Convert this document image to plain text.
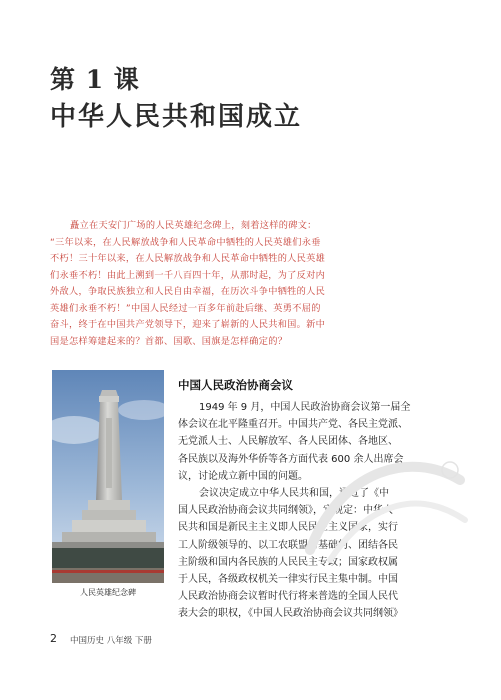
第 1 课
中华人民共和国成立
矗立在天安门广场的人民英雄纪念碑上，刻着这样的碑文：
“三年以来，在人民解放战争和人民革命中牺牲的人民英雄们永垂
不朽！三十年以来，在人民解放战争和人民革命中牺牲的人民英雄
们永垂不朽！由此上溯到一千八百四十年，从那时起，为了反对内
外敌人，争取民族独立和人民自由幸福，在历次斗争中牺牲的人民
英雄们永垂不朽！”中国人民经过一百多年前赴后继、英勇不屈的
奋斗，终于在中国共产党领导下，迎来了崭新的人民共和国。新中
国是怎样筹建起来的？首都、国歌、国旗是怎样确定的？
人民英雄纪念碑
中国人民政治协商会议
1949 年 9 月，中国人民政治协商会议第一届全
体会议在北平隆重召开。中国共产党、各民主党派、
无党派人士、人民解放军、各人民团体、各地区、
各民族以及海外华侨等各方面代表 600 余人出席会
议，讨论成立新中国的问题。
会议决定成立中华人民共和国，通过了《中
国人民政治协商会议共同纲领》，它规定：中华人
民共和国是新民主主义即人民民主主义国家，实行
工人阶级领导的、以工农联盟为基础的、团结各民
主阶级和国内各民族的人民民主专政；国家政权属
于人民，各级政权机关一律实行民主集中制。中国
人民政治协商会议暂时代行将来普选的全国人民代
表大会的职权，《中国人民政治协商会议共同纲领》
2 中国历史 八年级 下册
